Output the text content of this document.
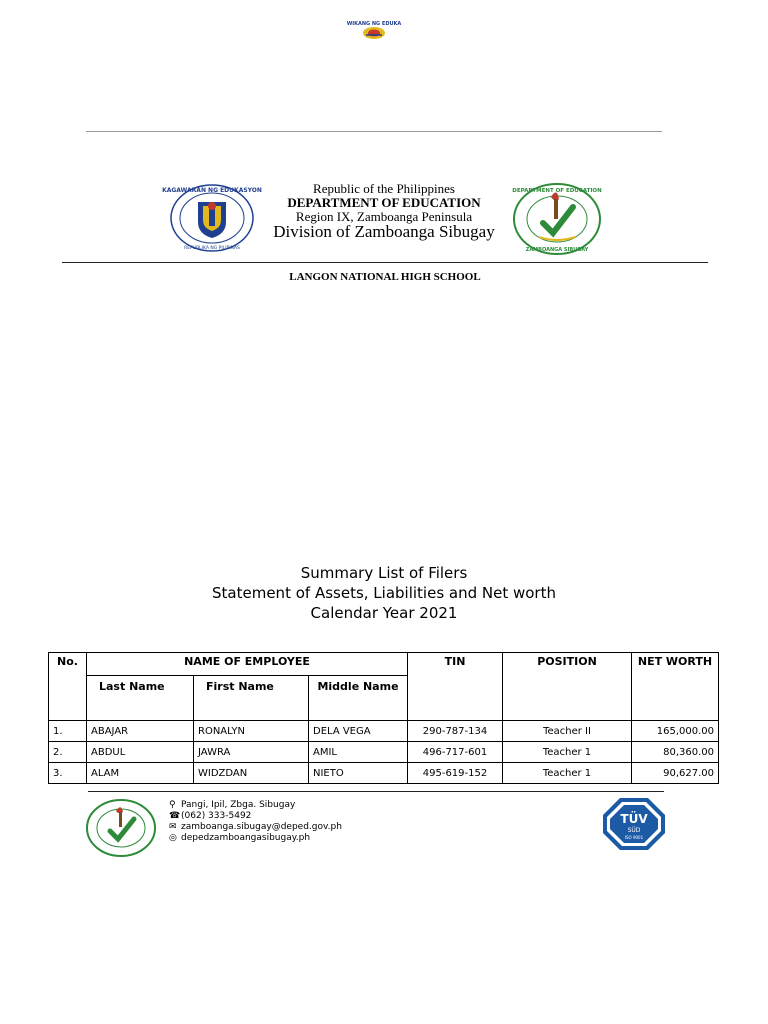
WIKANG NG EDUKA
KAGAWARAN NG EDUKASYON
REPUBLIKA NG PILIPINAS
Republic of the Philippines
DEPARTMENT OF EDUCATION
Region IX, Zamboanga Peninsula
Division of Zamboanga Sibugay
DEPARTMENT OF EDUCATION
ZAMBOANGA SIBUGAY
LANGON NATIONAL HIGH SCHOOL
Summary List of Filers
Statement of Assets, Liabilities and Net worth
Calendar Year 2021
No.	NAME OF EMPLOYEE			TIN	POSITION	NET WORTH
	Last Name	First Name	Middle Name			
1.	ABAJAR	RONALYN	DELA VEGA	290-787-134	Teacher II	165,000.00
2.	ABDUL	JAWRA	AMIL	496-717-601	Teacher 1	80,360.00
3.	ALAM	WIDZDAN	NIETO	495-619-152	Teacher 1	90,627.00
⚲ Pangi, Ipil, Zbga. Sibugay
☎(062) 333-5492
✉ zamboanga.sibugay@deped.gov.ph
◎ depedzamboangasibugay.ph
TÜV
SÜD
ISO 9001
